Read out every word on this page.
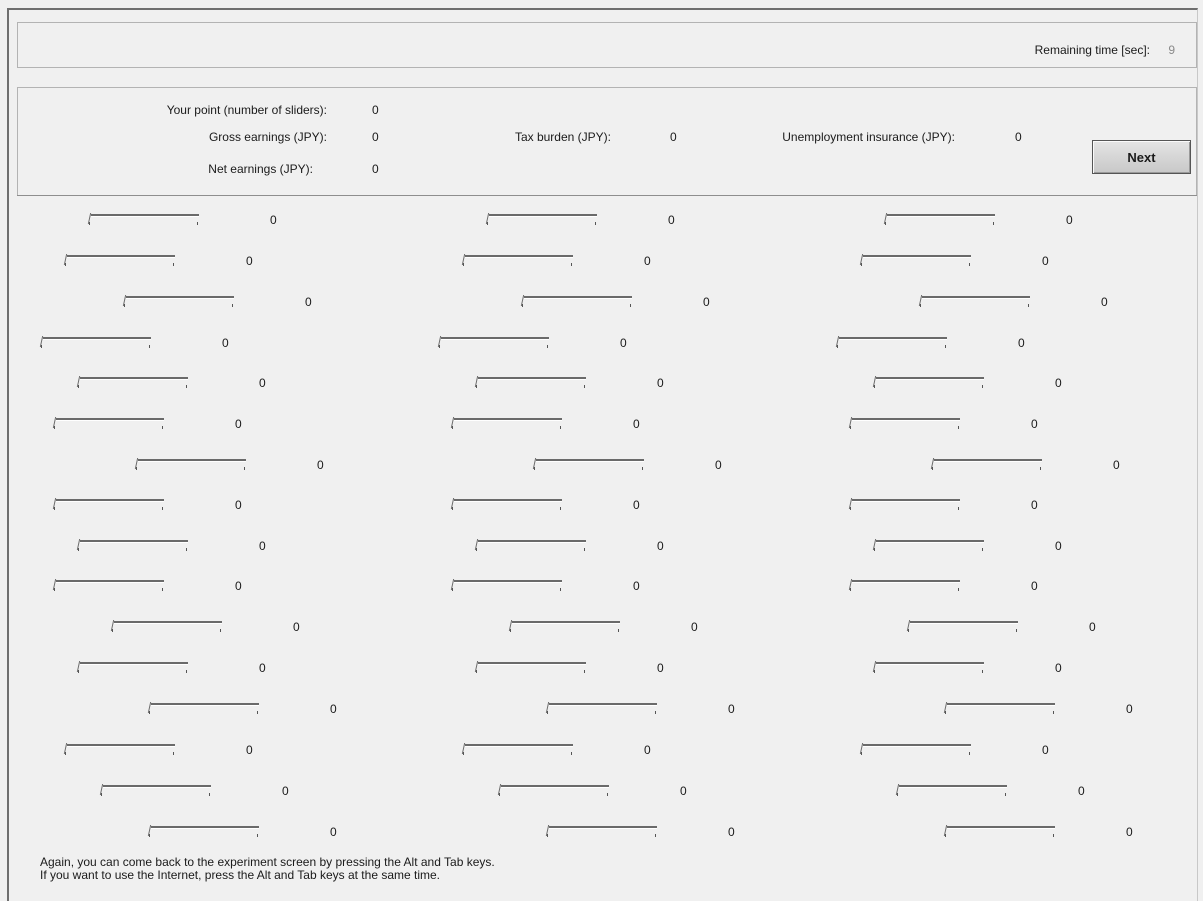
Remaining time [sec]: 9
Your point (number of sliders):	0
Gross earnings (JPY):	0	Tax burden (JPY):	0	Unemployment insurance (JPY):	0
Net earnings (JPY):	0
Next
0
0
0
0
0
0
0
0
0
0
0
0
0
0
0
0
0
0
0
0
0
0
0
0
0
0
0
0
0
0
0
0
0
0
0
0
0
0
0
0
0
0
0
0
0
0
0
0
Again, you can come back to the experiment screen by pressing the Alt and Tab keys.
If you want to use the Internet, press the Alt and Tab keys at the same time.
